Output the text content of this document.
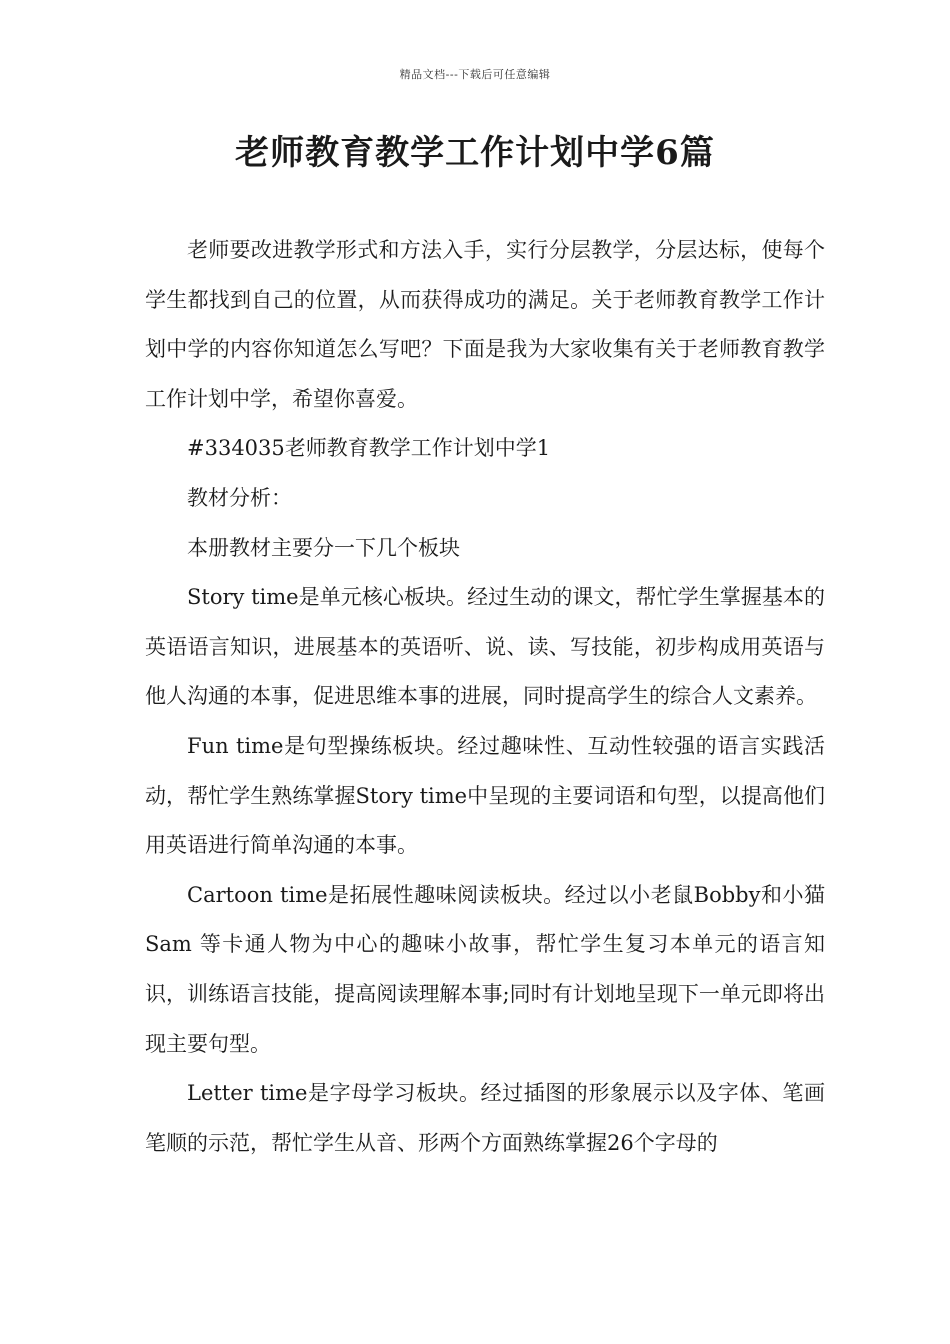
精品文档---下载后可任意编辑
老师教育教学工作计划中学6篇

老师要改进教学形式和方法入手，实行分层教学，分层达标，使每个学生都找到自己的位置，从而获得成功的满足。关于老师教育教学工作计划中学的内容你知道怎么写吧？下面是我为大家收集有关于老师教育教学工作计划中学，希望你喜爱。

#334035老师教育教学工作计划中学1

教材分析：

本册教材主要分一下几个板块

Story time是单元核心板块。经过生动的课文，帮忙学生掌握基本的英语语言知识，进展基本的英语听、说、读、写技能，初步构成用英语与他人沟通的本事，促进思维本事的进展，同时提高学生的综合人文素养。

Fun time是句型操练板块。经过趣味性、互动性较强的语言实践活动，帮忙学生熟练掌握Story time中呈现的主要词语和句型，以提高他们用英语进行简单沟通的本事。

Cartoon time是拓展性趣味阅读板块。经过以小老鼠Bobby和小猫Sam 等卡通人物为中心的趣味小故事，帮忙学生复习本单元的语言知识，训练语言技能，提高阅读理解本事;同时有计划地呈现下一单元即将出现主要句型。

Letter time是字母学习板块。经过插图的形象展示以及字体、笔画笔顺的示范，帮忙学生从音、形两个方面熟练掌握26个字母的
